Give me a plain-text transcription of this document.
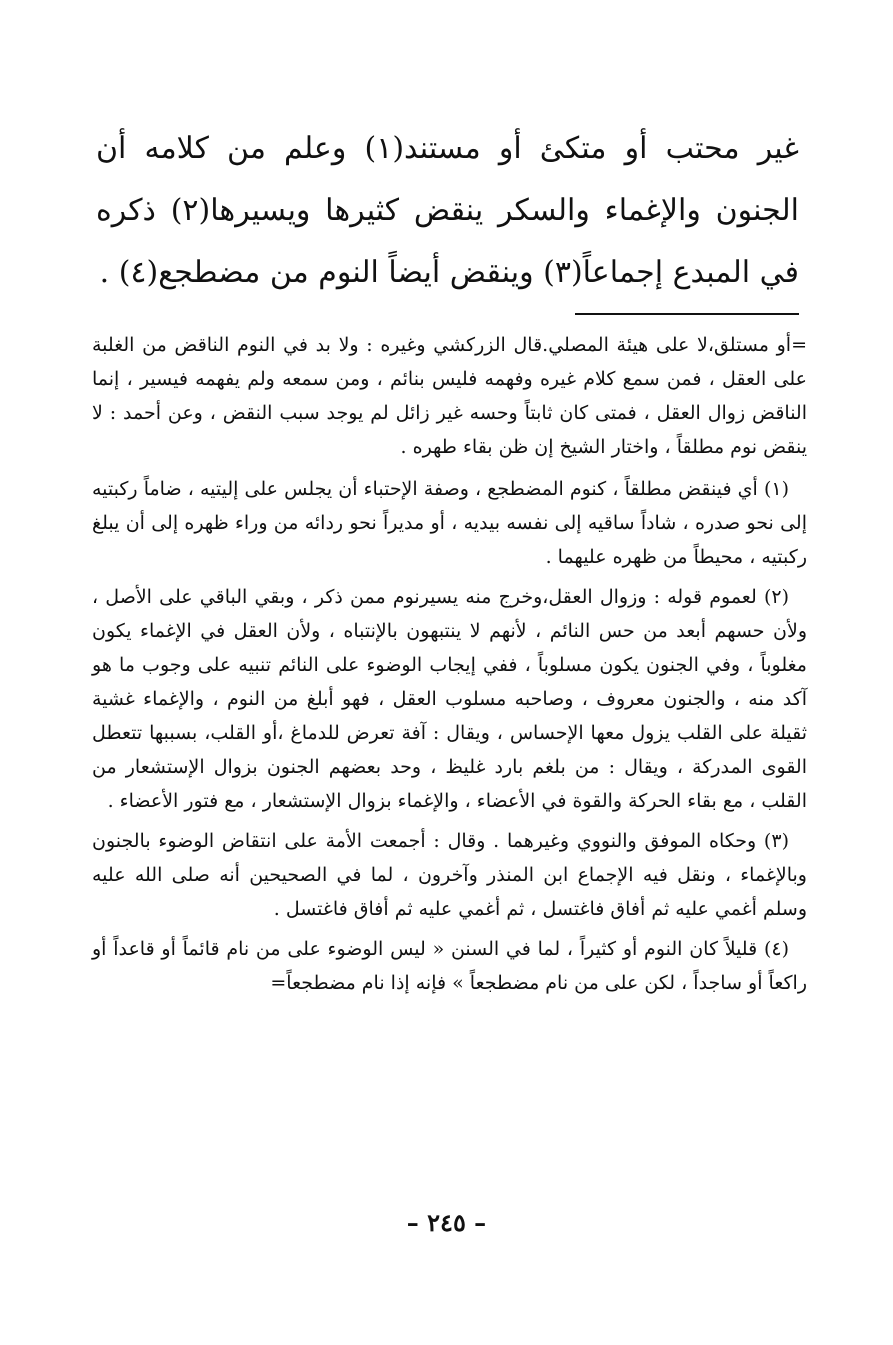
غير محتب أو متكئ أو مستند(١) وعلم من كلامه أن الجنون والإغماء والسكر ينقض كثيرها ويسيرها(٢) ذكره في المبدع إجماعاً(٣) وينقض أيضاً النوم من مضطجع(٤) .

=أو مستلق،لا على هيئة المصلي.قال الزركشي وغيره : ولا بد في النوم الناقض من الغلبة على العقل ، فمن سمع كلام غيره وفهمه فليس بنائم ، ومن سمعه ولم يفهمه فيسير ، إنما الناقض زوال العقل ، فمتى كان ثابتاً وحسه غير زائل لم يوجد سبب النقض ، وعن أحمد : لا ينقض نوم مطلقاً ، واختار الشيخ إن ظن بقاء طهره .

(١) أي فينقض مطلقاً ، كنوم المضطجع ، وصفة الإحتباء أن يجلس على إليتيه ، ضاماً ركبتيه إلى نحو صدره ، شاداً ساقيه إلى نفسه بيديه ، أو مديراً نحو ردائه من وراء ظهره إلى أن يبلغ ركبتيه ، محيطاً من ظهره عليهما .

(٢) لعموم قوله : وزوال العقل،وخرج منه يسيرنوم ممن ذكر ، وبقي الباقي على الأصل ، ولأن حسهم أبعد من حس النائم ، لأنهم لا ينتبهون بالإنتباه ، ولأن العقل في الإغماء يكون مغلوباً ، وفي الجنون يكون مسلوباً ، ففي إيجاب الوضوء على النائم تنبيه على وجوب ما هو آكد منه ، والجنون معروف ، وصاحبه مسلوب العقل ، فهو أبلغ من النوم ، والإغماء غشية ثقيلة على القلب يزول معها الإحساس ، ويقال : آفة تعرض للدماغ ،أو القلب، بسببها تتعطل القوى المدركة ، ويقال : من بلغم بارد غليظ ، وحد بعضهم الجنون بزوال الإستشعار من القلب ، مع بقاء الحركة والقوة في الأعضاء ، والإغماء بزوال الإستشعار ، مع فتور الأعضاء .

(٣) وحكاه الموفق والنووي وغيرهما . وقال : أجمعت الأمة على انتقاض الوضوء بالجنون وبالإغماء ، ونقل فيه الإجماع ابن المنذر وآخرون ، لما في الصحيحين أنه صلى الله عليه وسلم أغمي عليه ثم أفاق فاغتسل ، ثم أغمي عليه ثم أفاق فاغتسل .

(٤) قليلاً كان النوم أو كثيراً ، لما في السنن « ليس الوضوء على من نام قائماً أو قاعداً أو راكعاً أو ساجداً ، لكن على من نام مضطجعاً » فإنه إذا نام مضطجعاً=

– ٢٤٥ –
